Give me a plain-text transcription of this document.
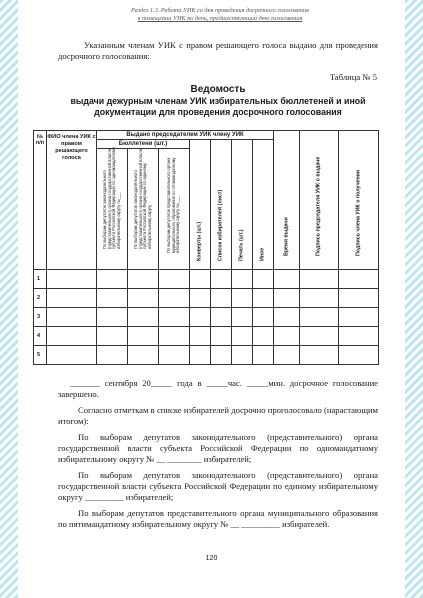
Раздел 1.3. Работа УИК со дня проведения досрочного голосования
в помещении УИК по день, предшествующий дню голосования
Указанным членам УИК с правом решающего голоса выдано для проведения досрочного голосования:
Таблица № 5
Ведомость
выдачи дежурным членам УИК избирательных бюллетеней и иной документации для проведения досрочного голосования
№ п/п	ФИО члена УИК с правом решающего голоса	Выдано председателем УИК члену УИК							Время выдачи	Подпись председателя УИК о выдаче	Подпись члена УИК о получении

		Бюллетени (шт.)			Конверты (шт.)	Список избирателей (лист)	Печать (шт.)	Иное			

		По выборам депутатов законодательного (представительного) органа государственной власти субъекта Российской Федерации по одномандатному избирательному округу №___	По выборам депутатов законодательного (представительного) органа государственной власти субъекта Российской Федерации по единому избирательному округу	По выборам депутатов представительного органа муниципального образования по пятимандатному избирательному округу №___							

1											
2											
3											
4											
5											
_______ сентября 20_____ года в _____час. _____мин. досрочное голосование завершено.
Согласно отметкам в списке избирателей досрочно проголосовало (нарастающим итогом):
По выборам депутатов законодательного (представительного) органа государственной власти субъекта Российской Федерации по одномандатному избирательному округу № __ ________ избирателей;
По выборам депутатов законодательного (представительного) органа государственной власти субъекта Российской Федерации по единому избирательному округу _________ избирателей;
По выборам депутатов представительного органа муниципального образования по пятимандатному избирательному округу № __ _________ избирателей.
120
